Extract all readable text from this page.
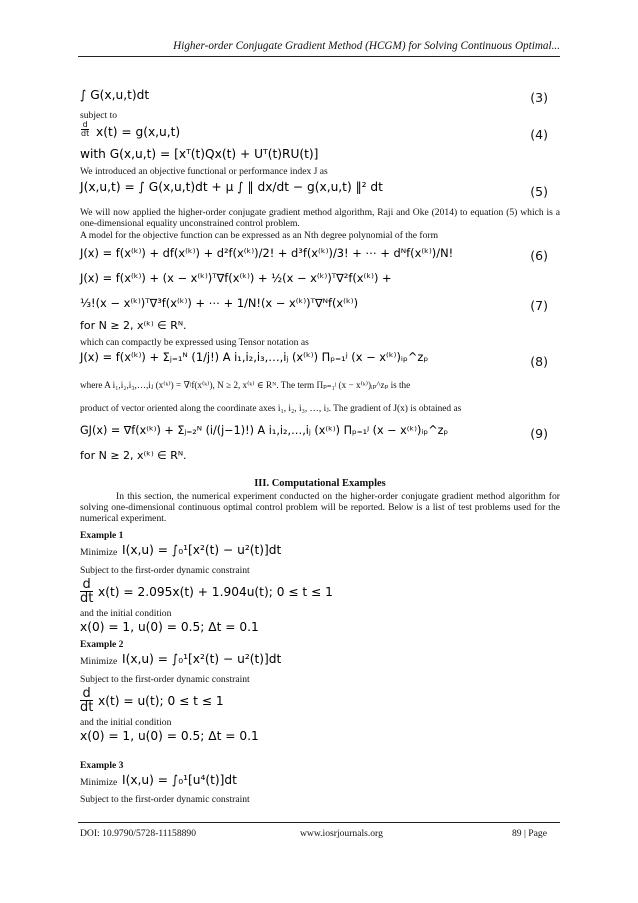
Higher-order Conjugate Gradient Method (HCGM) for Solving Continuous Optimal...
∫ G(x,u,t)dt	(3)
subject to
$\frac{d}{dt} x(t) = g(x,u,t)$	(4)
with G(x,u,t) = [xᵀ(t)Qx(t) + Uᵀ(t)RU(t)]
We introduced an objective functional or performance index J as
J(x,u,t) = ∫ G(x,u,t)dt + μ ∫ ‖ dx/dt − g(x,u,t) ‖² dt	(5)
We will now applied the higher-order conjugate gradient method algorithm, Raji and Oke (2014) to equation (5) which is a one-dimensional equality unconstrained control problem.
A model for the objective function can be expressed as an Nth degree polynomial of the form
J(x) = f(x⁽ᵏ⁾) + df(x⁽ᵏ⁾) + d²f(x⁽ᵏ⁾)/2! + d³f(x⁽ᵏ⁾)/3! + ⋯ + dᴺf(x⁽ᵏ⁾)/N!	(6)
J(x) = f(x⁽ᵏ⁾) + (x − x⁽ᵏ⁾)ᵀ∇f(x⁽ᵏ⁾) + ½(x − x⁽ᵏ⁾)ᵀ∇²f(x⁽ᵏ⁾) +
⅓!(x − x⁽ᵏ⁾)ᵀ∇³f(x⁽ᵏ⁾) + ⋯ + 1/N!(x − x⁽ᵏ⁾)ᵀ∇ᴺf(x⁽ᵏ⁾)	(7)
for N ≥ 2, x⁽ᵏ⁾ ∈ Rᴺ.
which can compactly be expressed using Tensor notation as
J(x) = f(x⁽ᵏ⁾) + Σⱼ₌₁ᴺ (1/j!) A i₁,i₂,i₃,…,iⱼ (x⁽ᵏ⁾) Πₚ₌₁ʲ (x − x⁽ᵏ⁾)ᵢₚ^zₚ	(8)
where A i₁,i₂,i₃,…,iⱼ (x⁽ᵏ⁾) = ∇ʲf(x⁽ᵏ⁾), N ≥ 2, x⁽ᵏ⁾ ∈ Rᴺ. The term Πₚ₌₁ʲ (x − x⁽ᵏ⁾)ᵢₚ^zₚ is the
product of vector oriented along the coordinate axes i₁, i₂, i₃, …, iⱼ. The gradient of J(x) is obtained as
GJ(x) = ∇f(x⁽ᵏ⁾) + Σⱼ₌₂ᴺ (i/(j−1)!) A i₁,i₂,…,iⱼ (x⁽ᵏ⁾) Πₚ₌₁ʲ (x − x⁽ᵏ⁾)ᵢₚ^zₚ	(9)
for N ≥ 2, x⁽ᵏ⁾ ∈ Rᴺ.
III. Computational Examples
In this section, the numerical experiment conducted on the higher-order conjugate gradient method algorithm for solving one-dimensional continuous optimal control problem will be reported. Below is a list of test problems used for the numerical experiment.
Example 1
Minimize I(x,u) = ∫₀¹[x²(t) − u²(t)]dt
Subject to the first-order dynamic constraint
$\frac{d}{dt} x(t) = 2.095x(t) + 1.904u(t)$; 0 ≤ t ≤ 1
and the initial condition
x(0) = 1, u(0) = 0.5; Δt = 0.1
Example 2
Minimize I(x,u) = ∫₀¹[x²(t) − u²(t)]dt
Subject to the first-order dynamic constraint
$\frac{d}{dt} x(t) = u(t)$; 0 ≤ t ≤ 1
and the initial condition
x(0) = 1, u(0) = 0.5; Δt = 0.1
Example 3
Minimize I(x,u) = ∫₀¹[u⁴(t)]dt
Subject to the first-order dynamic constraint
DOI: 10.9790/5728-11158890	www.iosrjournals.org	89 | Page
